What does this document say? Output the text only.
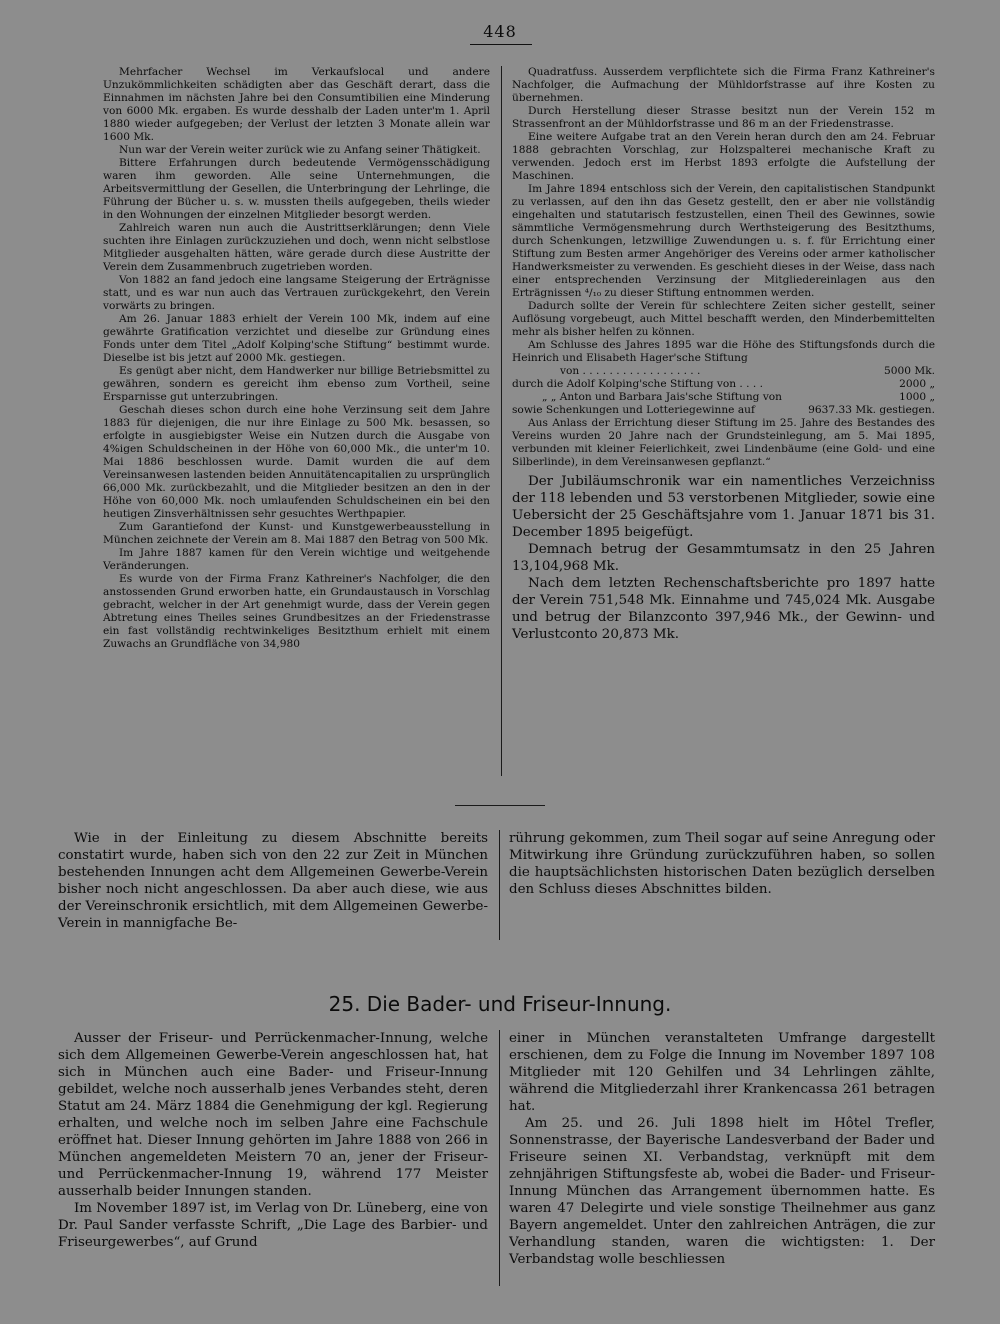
448

Mehrfacher Wechsel im Verkaufslocal und andere Unzukömmlichkeiten schädigten aber das Geschäft derart, dass die Einnahmen im nächsten Jahre bei den Consumtibilien eine Minderung von 6000 Mk. ergaben. Es wurde desshalb der Laden unter'm 1. April 1880 wieder aufgegeben; der Verlust der letzten 3 Monate allein war 1600 Mk.

Nun war der Verein weiter zurück wie zu Anfang seiner Thätigkeit.

Bittere Erfahrungen durch bedeutende Vermögensschädigung waren ihm geworden. Alle seine Unternehmungen, die Arbeitsvermittlung der Gesellen, die Unterbringung der Lehrlinge, die Führung der Bücher u. s. w. mussten theils aufgegeben, theils wieder in den Wohnungen der einzelnen Mitglieder besorgt werden.

Zahlreich waren nun auch die Austrittserklärungen; denn Viele suchten ihre Einlagen zurückzuziehen und doch, wenn nicht selbstlose Mitglieder ausgehalten hätten, wäre gerade durch diese Austritte der Verein dem Zusammenbruch zugetrieben worden.

Von 1882 an fand jedoch eine langsame Steigerung der Erträgnisse statt, und es war nun auch das Vertrauen zurückgekehrt, den Verein vorwärts zu bringen.

Am 26. Januar 1883 erhielt der Verein 100 Mk, indem auf eine gewährte Gratification verzichtet und dieselbe zur Gründung eines Fonds unter dem Titel „Adolf Kolping'sche Stiftung“ bestimmt wurde. Dieselbe ist bis jetzt auf 2000 Mk. gestiegen.

Es genügt aber nicht, dem Handwerker nur billige Betriebsmittel zu gewähren, sondern es gereicht ihm ebenso zum Vortheil, seine Ersparnisse gut unterzubringen.

Geschah dieses schon durch eine hohe Verzinsung seit dem Jahre 1883 für diejenigen, die nur ihre Einlage zu 500 Mk. besassen, so erfolgte in ausgiebigster Weise ein Nutzen durch die Ausgabe von 4%igen Schuldscheinen in der Höhe von 60,000 Mk., die unter'm 10. Mai 1886 beschlossen wurde. Damit wurden die auf dem Vereinsanwesen lastenden beiden Annuitätencapitalien zu ursprünglich 66,000 Mk. zurückbezahlt, und die Mitglieder besitzen an den in der Höhe von 60,000 Mk. noch umlaufenden Schuldscheinen ein bei den heutigen Zinsverhältnissen sehr gesuchtes Werthpapier.

Zum Garantiefond der Kunst- und Kunstgewerbeausstellung in München zeichnete der Verein am 8. Mai 1887 den Betrag von 500 Mk.

Im Jahre 1887 kamen für den Verein wichtige und weitgehende Veränderungen.

Es wurde von der Firma Franz Kathreiner's Nachfolger, die den anstossenden Grund erworben hatte, ein Grundaustausch in Vorschlag gebracht, welcher in der Art genehmigt wurde, dass der Verein gegen Abtretung eines Theiles seines Grundbesitzes an der Friedenstrasse ein fast vollständig rechtwinkeliges Besitzthum erhielt mit einem Zuwachs an Grundfläche von 34,980

Quadratfuss. Ausserdem verpflichtete sich die Firma Franz Kathreiner's Nachfolger, die Aufmachung der Mühldorfstrasse auf ihre Kosten zu übernehmen.

Durch Herstellung dieser Strasse besitzt nun der Verein 152 m Strassenfront an der Mühldorfstrasse und 86 m an der Friedenstrasse.

Eine weitere Aufgabe trat an den Verein heran durch den am 24. Februar 1888 gebrachten Vorschlag, zur Holzspalterei mechanische Kraft zu verwenden. Jedoch erst im Herbst 1893 erfolgte die Aufstellung der Maschinen.

Im Jahre 1894 entschloss sich der Verein, den capitalistischen Standpunkt zu verlassen, auf den ihn das Gesetz gestellt, den er aber nie vollständig eingehalten und statutarisch festzustellen, einen Theil des Gewinnes, sowie sämmtliche Vermögensmehrung durch Werthsteigerung des Besitzthums, durch Schenkungen, letzwillige Zuwendungen u. s. f. für Errichtung einer Stiftung zum Besten armer Angehöriger des Vereins oder armer katholischer Handwerksmeister zu verwenden. Es geschieht dieses in der Weise, dass nach einer entsprechenden Verzinsung der Mitgliedereinlagen aus den Erträgnissen ⁴/₁₀ zu dieser Stiftung entnommen werden.

Dadurch sollte der Verein für schlechtere Zeiten sicher gestellt, seiner Auflösung vorgebeugt, auch Mittel beschafft werden, den Minderbemittelten mehr als bisher helfen zu können.

Am Schlusse des Jahres 1895 war die Höhe des Stiftungsfonds durch die Heinrich und Elisabeth Hager'sche Stiftung

von . . . . . . . . . . . . . . . . . .	5000 Mk.
durch die Adolf Kolping'sche Stiftung von . . . .	2000 „
„ „ Anton und Barbara Jais'sche Stiftung von	1000 „
sowie Schenkungen und Lotteriegewinne auf	9637.33 Mk. gestiegen.

Aus Anlass der Errichtung dieser Stiftung im 25. Jahre des Bestandes des Vereins wurden 20 Jahre nach der Grundsteinlegung, am 5. Mai 1895, verbunden mit kleiner Feierlichkeit, zwei Lindenbäume (eine Gold- und eine Silberlinde), in dem Vereinsanwesen gepflanzt.“

Der Jubiläumschronik war ein namentliches Verzeichniss der 118 lebenden und 53 verstorbenen Mitglieder, sowie eine Uebersicht der 25 Geschäftsjahre vom 1. Januar 1871 bis 31. December 1895 beigefügt.

Demnach betrug der Gesammtumsatz in den 25 Jahren 13,104,968 Mk.

Nach dem letzten Rechenschaftsberichte pro 1897 hatte der Verein 751,548 Mk. Einnahme und 745,024 Mk. Ausgabe und betrug der Bilanzconto 397,946 Mk., der Gewinn- und Verlustconto 20,873 Mk.

Wie in der Einleitung zu diesem Abschnitte bereits constatirt wurde, haben sich von den 22 zur Zeit in München bestehenden Innungen acht dem Allgemeinen Gewerbe-Verein bisher noch nicht angeschlossen. Da aber auch diese, wie aus der Vereinschronik ersichtlich, mit dem Allgemeinen Gewerbe-Verein in mannigfache Be-

rührung gekommen, zum Theil sogar auf seine Anregung oder Mitwirkung ihre Gründung zurückzuführen haben, so sollen die hauptsächlichsten historischen Daten bezüglich derselben den Schluss dieses Abschnittes bilden.

25. Die Bader- und Friseur-Innung.

Ausser der Friseur- und Perrückenmacher-Innung, welche sich dem Allgemeinen Gewerbe-Verein angeschlossen hat, hat sich in München auch eine Bader- und Friseur-Innung gebildet, welche noch ausserhalb jenes Verbandes steht, deren Statut am 24. März 1884 die Genehmigung der kgl. Regierung erhalten, und welche noch im selben Jahre eine Fachschule eröffnet hat. Dieser Innung gehörten im Jahre 1888 von 266 in München angemeldeten Meistern 70 an, jener der Friseur- und Perrückenmacher-Innung 19, während 177 Meister ausserhalb beider Innungen standen.

Im November 1897 ist, im Verlag von Dr. Lüneberg, eine von Dr. Paul Sander verfasste Schrift, „Die Lage des Barbier- und Friseurgewerbes“, auf Grund

einer in München veranstalteten Umfrange dargestellt erschienen, dem zu Folge die Innung im November 1897 108 Mitglieder mit 120 Gehilfen und 34 Lehrlingen zählte, während die Mitgliederzahl ihrer Krankencassa 261 betragen hat.

Am 25. und 26. Juli 1898 hielt im Hôtel Trefler, Sonnenstrasse, der Bayerische Landesverband der Bader und Friseure seinen XI. Verbandstag, verknüpft mit dem zehnjährigen Stiftungsfeste ab, wobei die Bader- und Friseur-Innung München das Arrangement übernommen hatte. Es waren 47 Delegirte und viele sonstige Theilnehmer aus ganz Bayern angemeldet. Unter den zahlreichen Anträgen, die zur Verhandlung standen, waren die wichtigsten: 1. Der Verbandstag wolle beschliessen
